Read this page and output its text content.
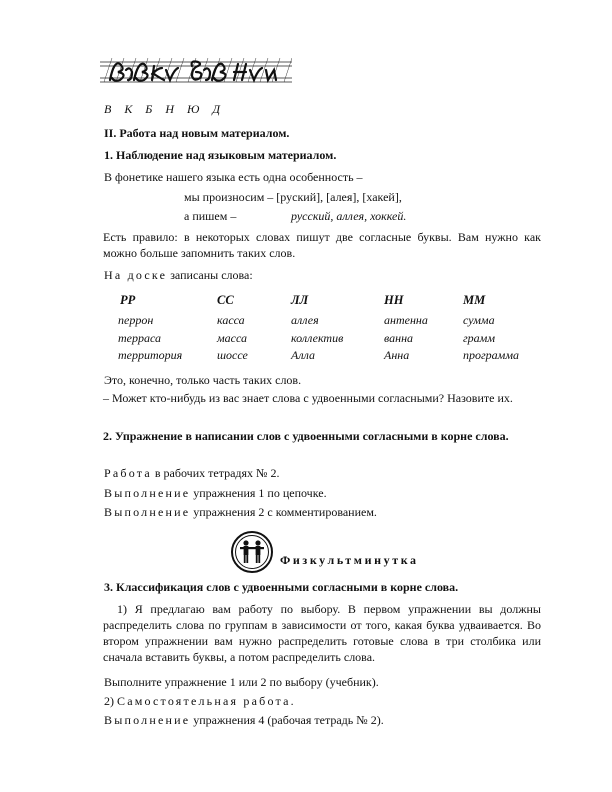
В К Б Н Ю Д
II. Работа над новым материалом.
1. Наблюдение над языковым материалом.
В фонетике нашего языка есть одна особенность –
мы произносим – [руский], [алея], [хакей],
а пишем –	русский, аллея, хоккей.
Есть правило: в некоторых словах пишут две согласные буквы. Вам нужно как можно больше запомнить таких слов.
На доске записаны слова:
РР	СС	ЛЛ	НН	ММ
перрон	касса	аллея	антенна	сумма
терраса	масса	коллектив	ванна	грамм
территория	шоссе	Алла	Анна	программа
Это, конечно, только часть таких слов.
– Может кто-нибудь из вас знает слова с удвоенными согласными? Назовите их.
2. Упражнение в написании слов с удвоенными согласными в корне слова.
Работа в рабочих тетрадях № 2.
Выполнение упражнения 1 по цепочке.
Выполнение упражнения 2 с комментированием.
Физкультминутка
3. Классификация слов с удвоенными согласными в корне слова.
1) Я предлагаю вам работу по выбору. В первом упражнении вы должны распределить слова по группам в зависимости от того, какая буква удваивается. Во втором упражнении вам нужно распределить готовые слова в три столбика или сначала вставить буквы, а потом распределить слова.
Выполните упражнение 1 или 2 по выбору (учебник).
2) Самостоятельная работа.
Выполнение упражнения 4 (рабочая тетрадь № 2).
